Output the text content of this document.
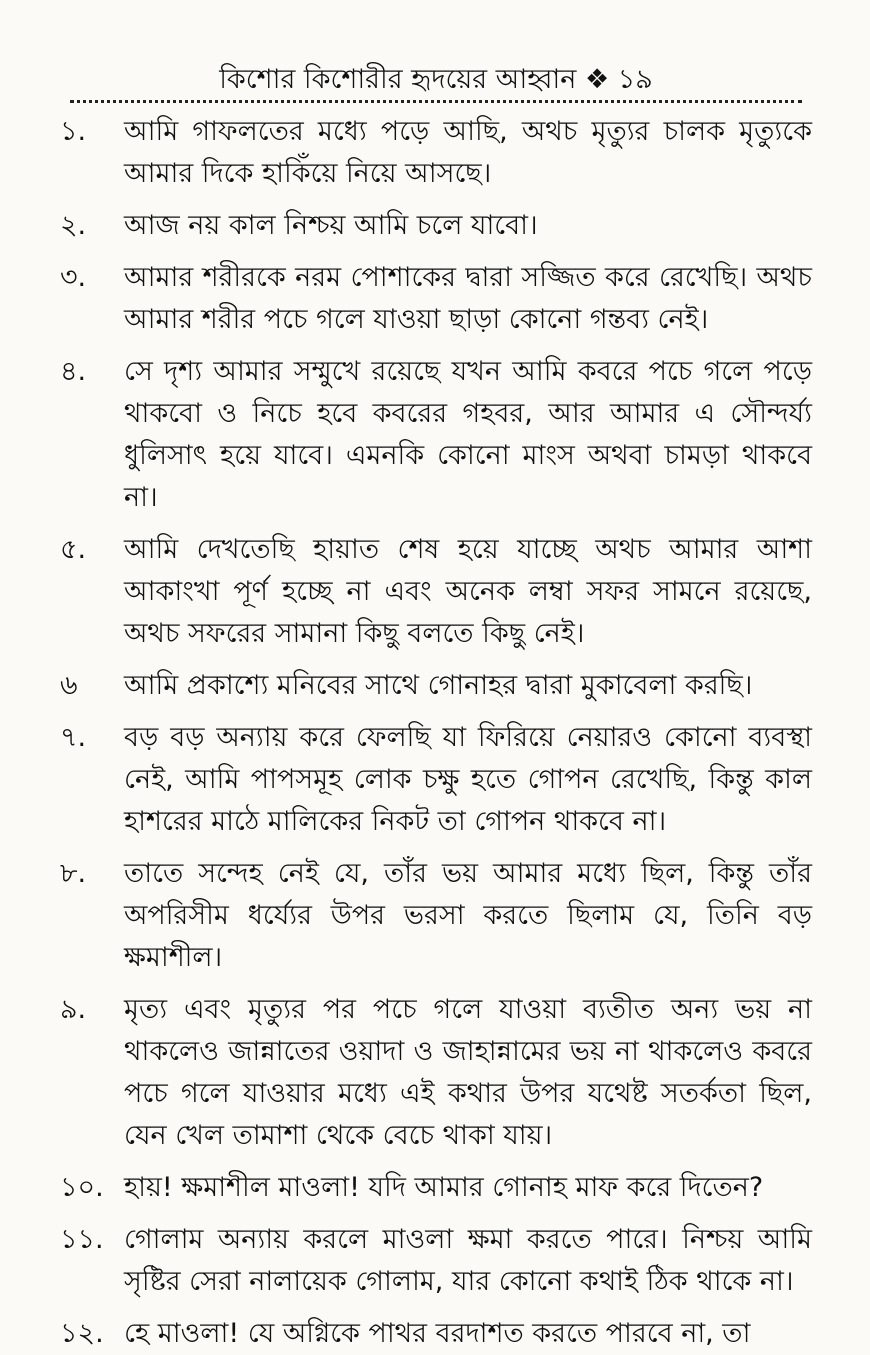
কিশোর কিশোরীর হৃদয়ের আহ্বান ❖ ১৯
১.	আমি গাফলতের মধ্যে পড়ে আছি, অথচ মৃত্যুর চালক মৃত্যুকে আমার দিকে হাকিঁয়ে নিয়ে আসছে।
২.	আজ নয় কাল নিশ্চয় আমি চলে যাবো।
৩.	আমার শরীরকে নরম পোশাকের দ্বারা সজ্জিত করে রেখেছি। অথচ আমার শরীর পচে গলে যাওয়া ছাড়া কোনো গন্তব্য নেই।
৪.	সে দৃশ্য আমার সম্মুখে রয়েছে যখন আমি কবরে পচে গলে পড়ে থাকবো ও নিচে হবে কবরের গহবর, আর আমার এ সৌন্দর্য্য ধুলিসাৎ হয়ে যাবে। এমনকি কোনো মাংস অথবা চামড়া থাকবে না।
৫.	আমি দেখতেছি হায়াত শেষ হয়ে যাচ্ছে অথচ আমার আশা আকাংখা পূর্ণ হচ্ছে না এবং অনেক লম্বা সফর সামনে রয়েছে, অথচ সফরের সামানা কিছু বলতে কিছু নেই।
৬	আমি প্রকাশ্যে মনিবের সাথে গোনাহর দ্বারা মুকাবেলা করছি।
৭.	বড় বড় অন্যায় করে ফেলছি যা ফিরিয়ে নেয়ারও কোনো ব্যবস্থা নেই, আমি পাপসমূহ লোক চক্ষু হতে গোপন রেখেছি, কিন্তু কাল হাশরের মাঠে মালিকের নিকট তা গোপন থাকবে না।
৮.	তাতে সন্দেহ নেই যে, তাঁর ভয় আমার মধ্যে ছিল, কিন্তু তাঁর অপরিসীম ধর্য্যের উপর ভরসা করতে ছিলাম যে, তিনি বড় ক্ষমাশীল।
৯.	মৃত্য এবং মৃত্যুর পর পচে গলে যাওয়া ব্যতীত অন্য ভয় না থাকলেও জান্নাতের ওয়াদা ও জাহান্নামের ভয় না থাকলেও কবরে পচে গলে যাওয়ার মধ্যে এই কথার উপর যথেষ্ট সতর্কতা ছিল, যেন খেল তামাশা থেকে বেচে থাকা যায়।
১০. হায়! ক্ষমাশীল মাওলা! যদি আমার গোনাহ মাফ করে দিতেন?
১১. গোলাম অন্যায় করলে মাওলা ক্ষমা করতে পারে। নিশ্চয় আমি সৃষ্টির সেরা নালায়েক গোলাম, যার কোনো কথাই ঠিক থাকে না।
১২. হে মাওলা! যে অগ্নিকে পাথর বরদাশত করতে পারবে না, তা
